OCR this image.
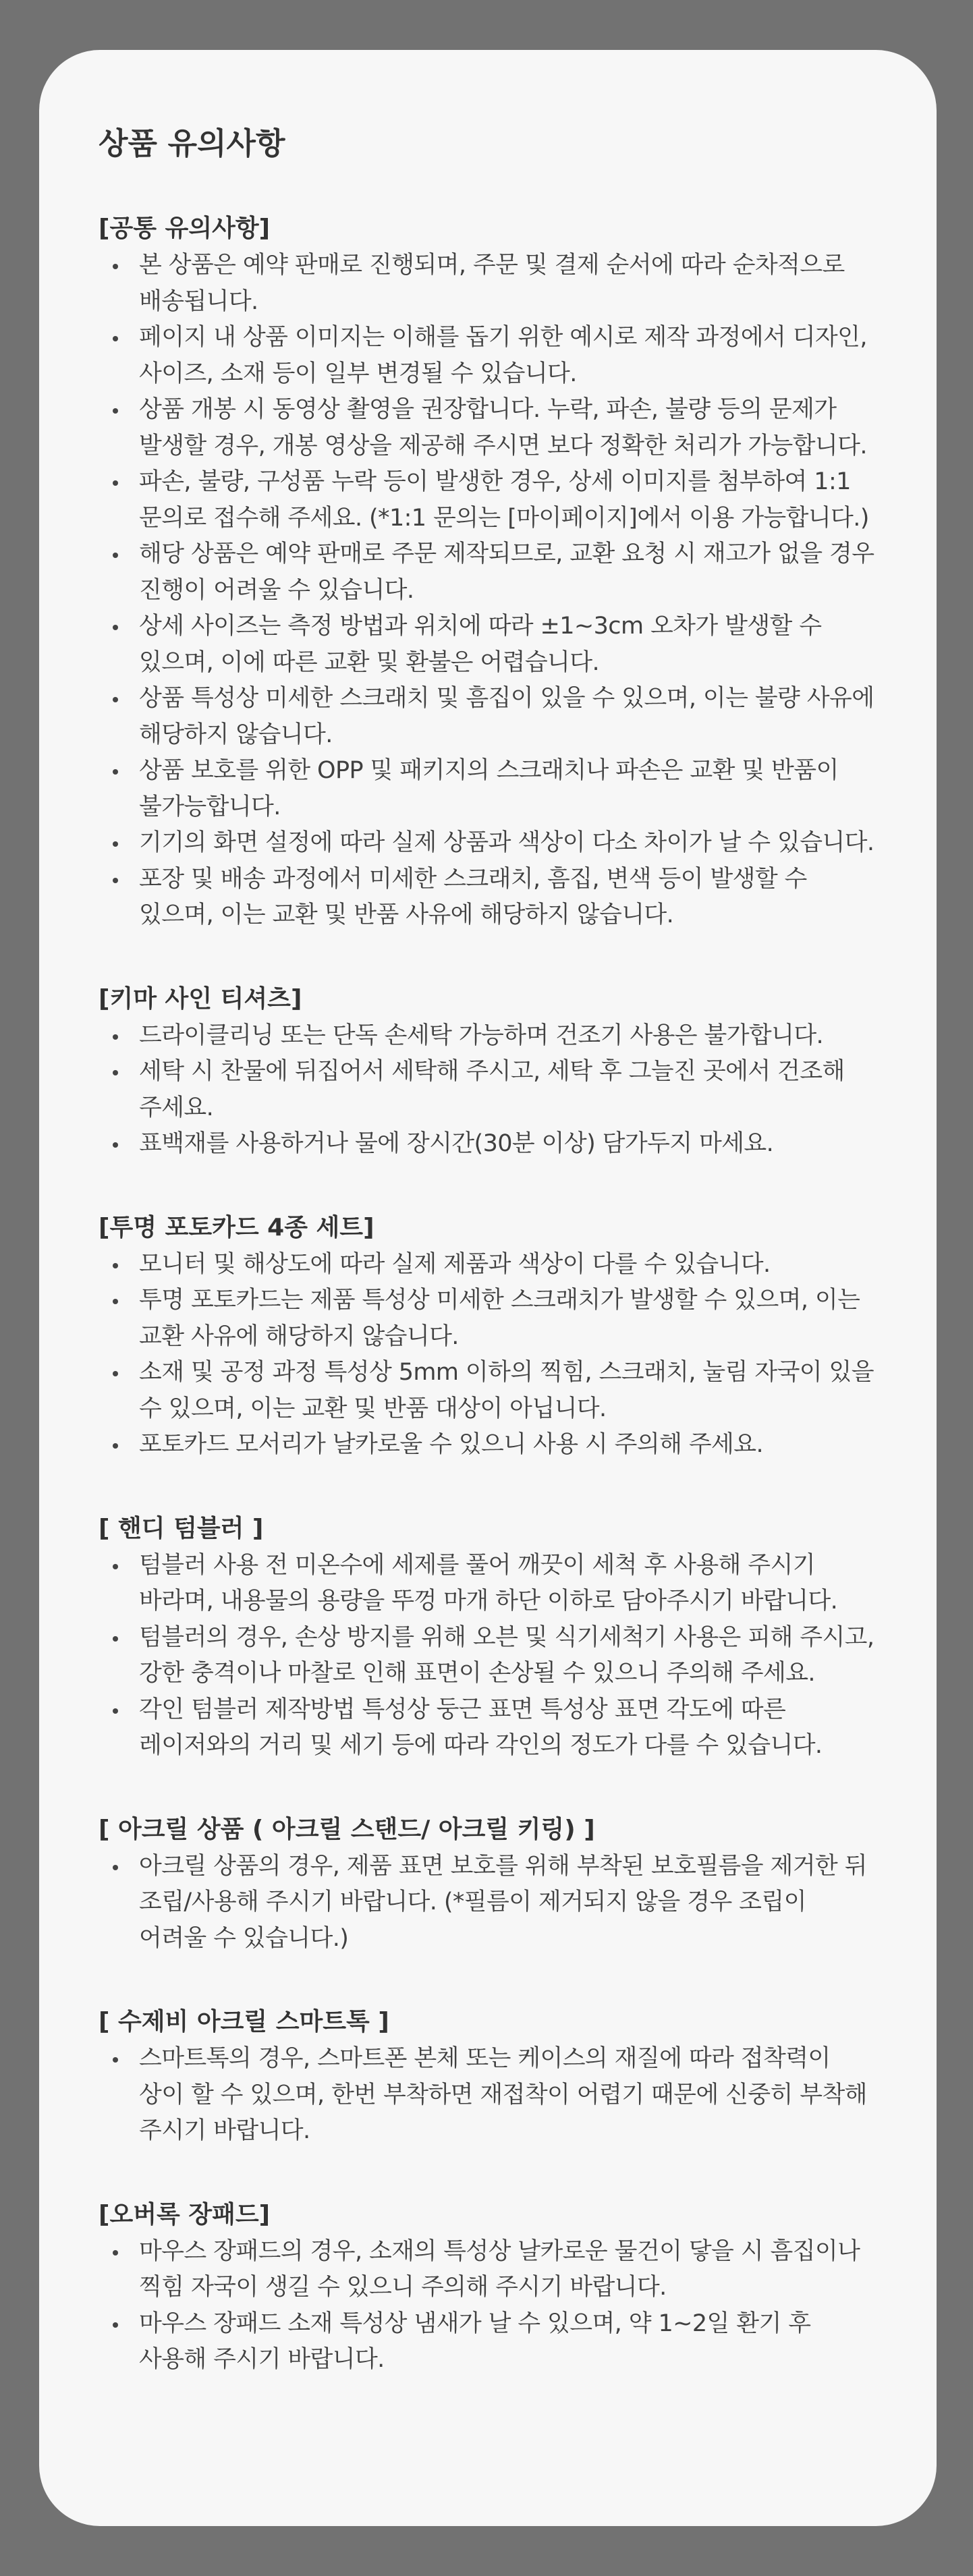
상품 유의사항
[공통 유의사항]
본 상품은 예약 판매로 진행되며, 주문 및 결제 순서에 따라 순차적으로 배송됩니다.
페이지 내 상품 이미지는 이해를 돕기 위한 예시로 제작 과정에서 디자인, 사이즈, 소재 등이 일부 변경될 수 있습니다.
상품 개봉 시 동영상 촬영을 권장합니다. 누락, 파손, 불량 등의 문제가 발생할 경우, 개봉 영상을 제공해 주시면 보다 정확한 처리가 가능합니다.
파손, 불량, 구성품 누락 등이 발생한 경우, 상세 이미지를 첨부하여 1:1 문의로 접수해 주세요. (*1:1 문의는 [마이페이지]에서 이용 가능합니다.)
해당 상품은 예약 판매로 주문 제작되므로, 교환 요청 시 재고가 없을 경우 진행이 어려울 수 있습니다.
상세 사이즈는 측정 방법과 위치에 따라 ±1~3cm 오차가 발생할 수 있으며, 이에 따른 교환 및 환불은 어렵습니다.
상품 특성상 미세한 스크래치 및 흠집이 있을 수 있으며, 이는 불량 사유에 해당하지 않습니다.
상품 보호를 위한 OPP 및 패키지의 스크래치나 파손은 교환 및 반품이 불가능합니다.
기기의 화면 설정에 따라 실제 상품과 색상이 다소 차이가 날 수 있습니다.
포장 및 배송 과정에서 미세한 스크래치, 흠집, 변색 등이 발생할 수 있으며, 이는 교환 및 반품 사유에 해당하지 않습니다.
[키마 사인 티셔츠]
드라이클리닝 또는 단독 손세탁 가능하며 건조기 사용은 불가합니다.
세탁 시 찬물에 뒤집어서 세탁해 주시고, 세탁 후 그늘진 곳에서 건조해 주세요.
표백재를 사용하거나 물에 장시간(30분 이상) 담가두지 마세요.
[투명 포토카드 4종 세트]
모니터 및 해상도에 따라 실제 제품과 색상이 다를 수 있습니다.
투명 포토카드는 제품 특성상 미세한 스크래치가 발생할 수 있으며, 이는 교환 사유에 해당하지 않습니다.
소재 및 공정 과정 특성상 5mm 이하의 찍힘, 스크래치, 눌림 자국이 있을 수 있으며, 이는 교환 및 반품 대상이 아닙니다.
포토카드 모서리가 날카로울 수 있으니 사용 시 주의해 주세요.
[ 핸디 텀블러 ]
텀블러 사용 전 미온수에 세제를 풀어 깨끗이 세척 후 사용해 주시기 바라며, 내용물의 용량을 뚜껑 마개 하단 이하로 담아주시기 바랍니다.
텀블러의 경우, 손상 방지를 위해 오븐 및 식기세척기 사용은 피해 주시고, 강한 충격이나 마찰로 인해 표면이 손상될 수 있으니 주의해 주세요.
각인 텀블러 제작방법 특성상 둥근 표면 특성상 표면 각도에 따른 레이저와의 거리 및 세기 등에 따라 각인의 정도가 다를 수 있습니다.
[ 아크릴 상품 ( 아크릴 스탠드/ 아크릴 키링) ]
아크릴 상품의 경우, 제품 표면 보호를 위해 부착된 보호필름을 제거한 뒤 조립/사용해 주시기 바랍니다. (*필름이 제거되지 않을 경우 조립이 어려울 수 있습니다.)
[ 수제비 아크릴 스마트톡 ]
스마트톡의 경우, 스마트폰 본체 또는 케이스의 재질에 따라 접착력이 상이 할 수 있으며, 한번 부착하면 재접착이 어렵기 때문에 신중히 부착해 주시기 바랍니다.
[오버록 장패드]
마우스 장패드의 경우, 소재의 특성상 날카로운 물건이 닿을 시 흠집이나 찍힘 자국이 생길 수 있으니 주의해 주시기 바랍니다.
마우스 장패드 소재 특성상 냄새가 날 수 있으며, 약 1~2일 환기 후 사용해 주시기 바랍니다.
